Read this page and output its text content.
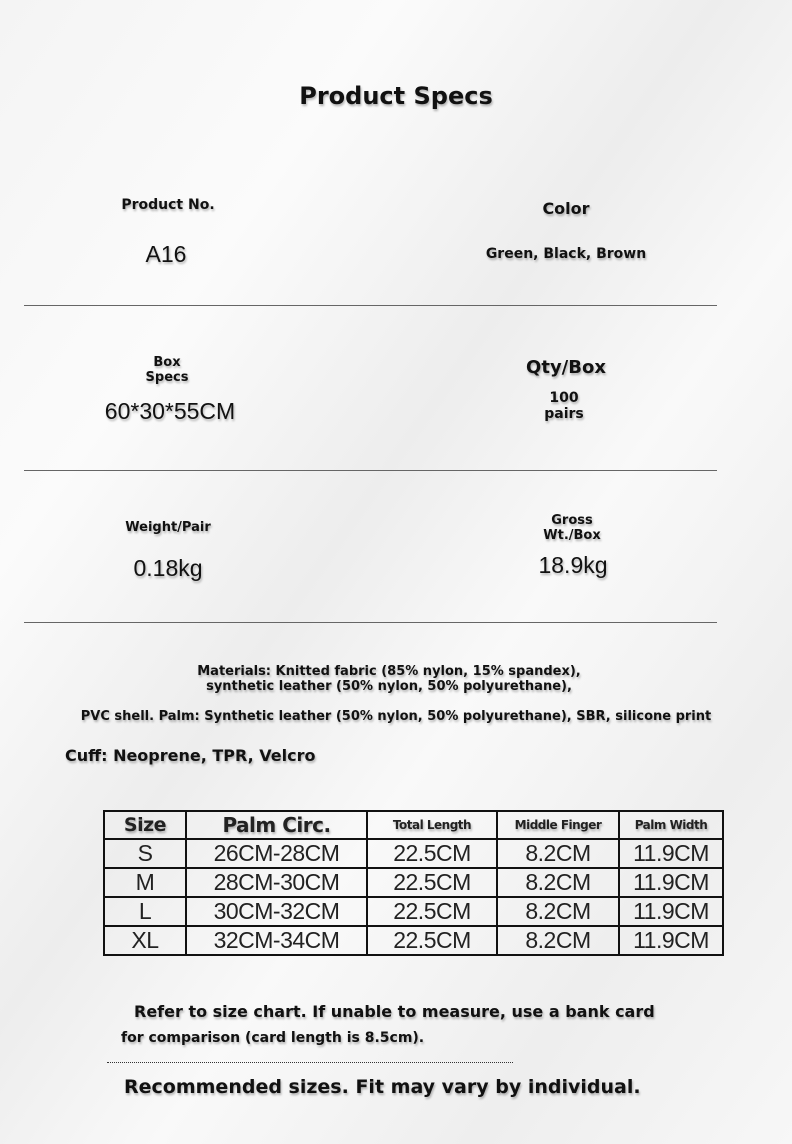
Product Specs
Product No.
A16
Color
Green, Black, Brown
Box Specs
60*30*55CM
Qty/Box
100 pairs
Weight/Pair
0.18kg
Gross Wt./Box
18.9kg
Materials: Knitted fabric (85% nylon, 15% spandex),
synthetic leather (50% nylon, 50% polyurethane),
PVC shell. Palm: Synthetic leather (50% nylon, 50% polyurethane), SBR, silicone print
Cuff: Neoprene, TPR, Velcro
Size	Palm Circ.	Total Length	Middle Finger	Palm Width
S	26CM-28CM	22.5CM	8.2CM	11.9CM
M	28CM-30CM	22.5CM	8.2CM	11.9CM
L	30CM-32CM	22.5CM	8.2CM	11.9CM
XL	32CM-34CM	22.5CM	8.2CM	11.9CM
Refer to size chart. If unable to measure, use a bank card
for comparison (card length is 8.5cm).
Recommended sizes. Fit may vary by individual.
